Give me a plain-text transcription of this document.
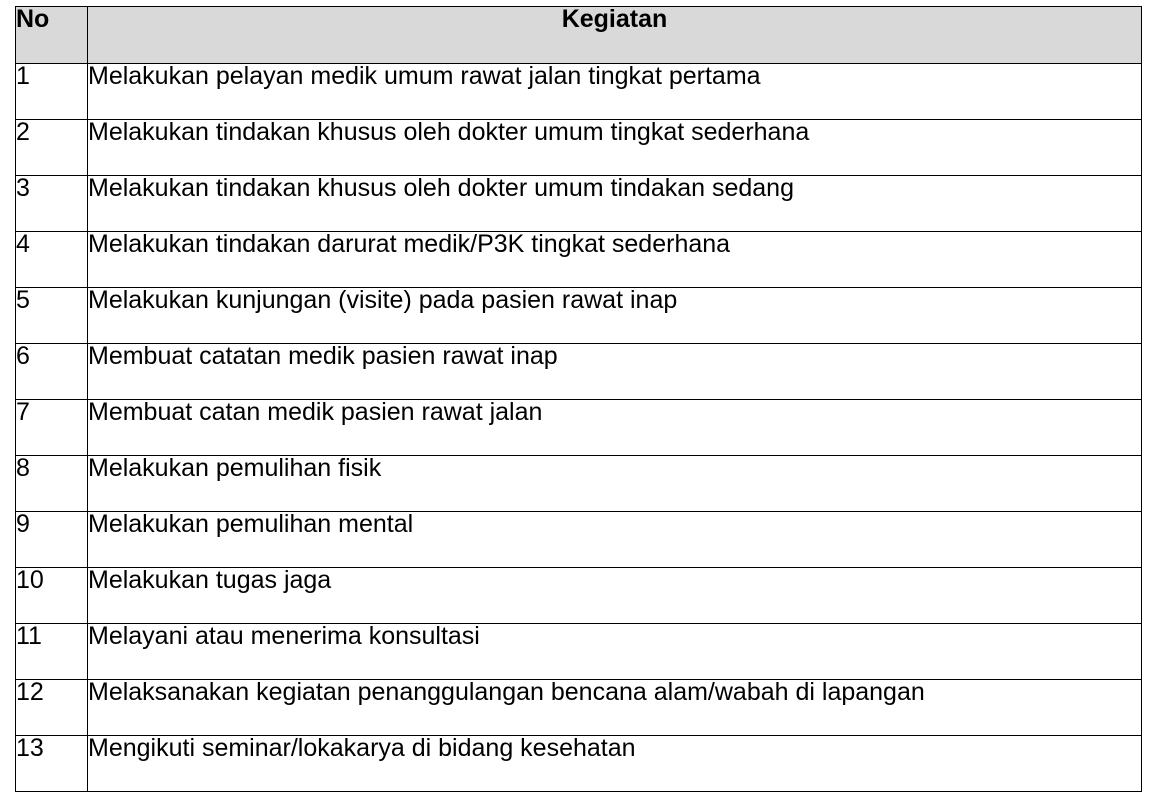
No	Kegiatan
1	Melakukan pelayan medik umum rawat jalan tingkat pertama
2	Melakukan tindakan khusus oleh dokter umum tingkat sederhana
3	Melakukan tindakan khusus oleh dokter umum tindakan sedang
4	Melakukan tindakan darurat medik/P3K tingkat sederhana
5	Melakukan kunjungan (visite) pada pasien rawat inap
6	Membuat catatan medik pasien rawat inap
7	Membuat catan medik pasien rawat jalan
8	Melakukan pemulihan fisik
9	Melakukan pemulihan mental
10	Melakukan tugas jaga
11	Melayani atau menerima konsultasi
12	Melaksanakan kegiatan penanggulangan bencana alam/wabah di lapangan
13	Mengikuti seminar/lokakarya di bidang kesehatan
